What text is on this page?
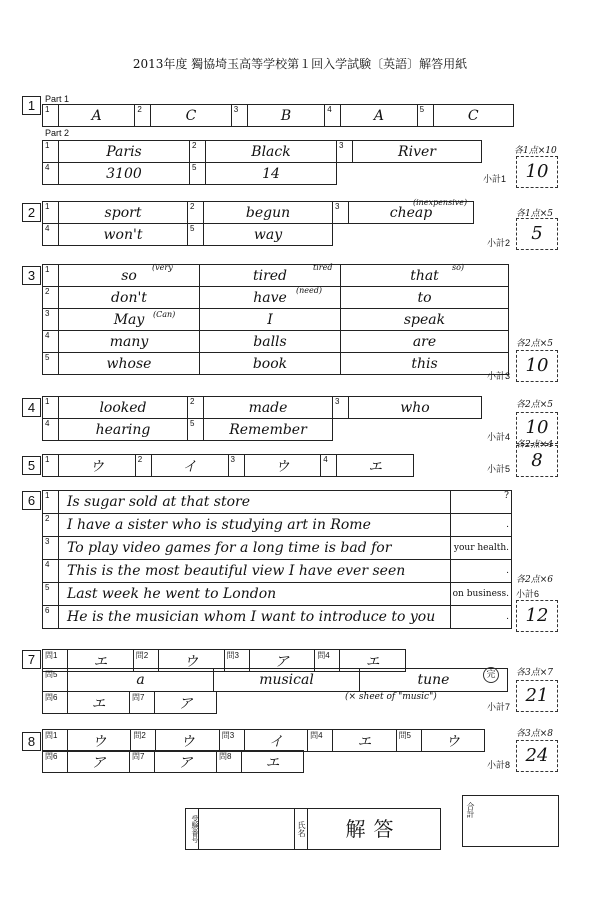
2013年度 獨協埼玉高等学校第１回入学試験〔英語〕解答用紙
1	Part 1
1	A	2	C	3	B	4	A	5	C
Part 2
1	Paris	2	Black	3	River
4	3100	5	14		
各1点×10
小計1	10
2	1	sport	2	begun	3	cheap
4	won't	5	way		
(inexpensive)
各1点×5
小計2	5
3	1	so	tired	that
2	don't	have	to
3	May	I	speak
4	many	balls	are
5	whose	book	this
(very	tired	so)
(need)
(Can)
各2点×5
小計3 10
4	1	looked	2	made	3	who
4	hearing	5	Remember		
各2点×5
小計4 10
5	1	ウ	2	イ	3	ウ	4	エ
各2点×4
小計5	8
6	1	Is sugar sold at that store	?
2	I have a sister who is studying art in Rome	.
3	To play video games for a long time is bad for	your health.
4	This is the most beautiful view I have ever seen	.
5	Last week he went to London	on business.
6	He is the musician whom I want to introduce to you	.
各2点×6
小計6
12
7	問1	エ	問2	ウ	問3	ア	問4	エ
問5	a	musical	tune	完
問6	エ	問7	ア	(× sheet of "music")
各3点×7
小計7
21
8	問1	ウ	問2	ウ	問3	イ	問4	エ	問5	ウ
問6	ア	問7	ア	問8	エ
各3点×8
小計8 24
受験番号	氏名	解答
合計
